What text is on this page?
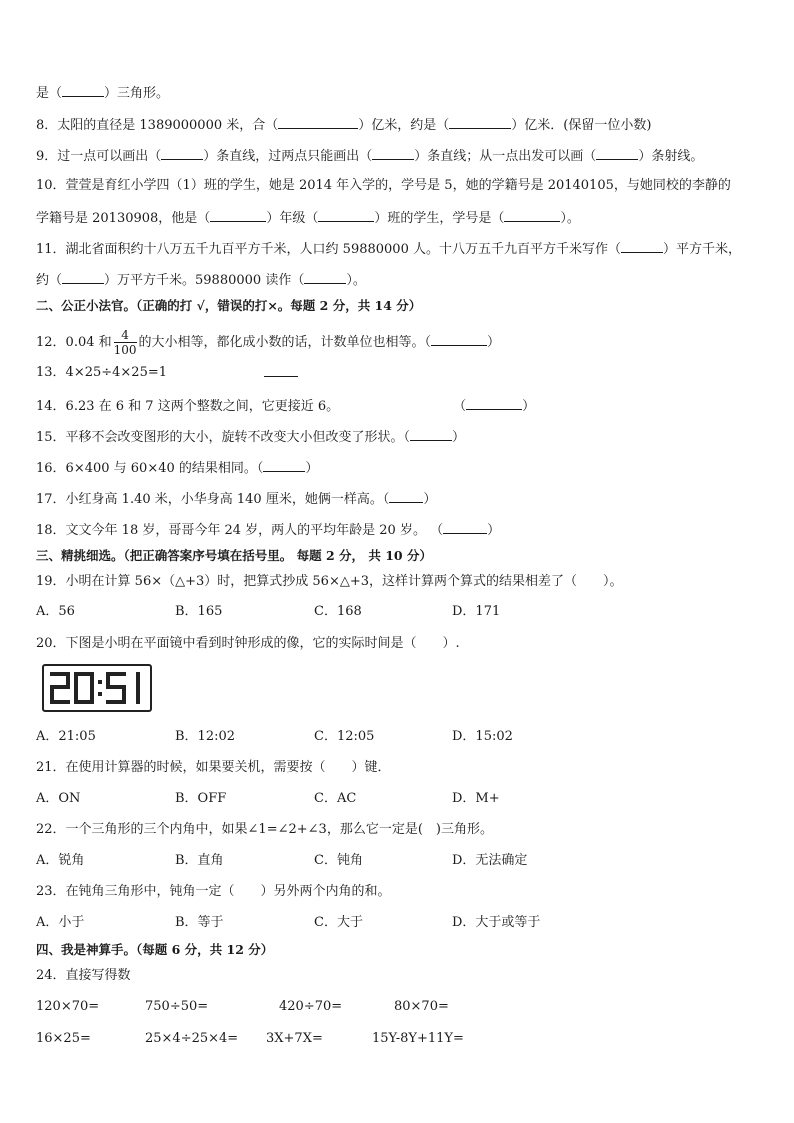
是（	）三角形。
8．太阳的直径是 1389000000 米，合（	）亿米，约是（	）亿米．(保留一位小数)
9．过一点可以画出（	）条直线，过两点只能画出（	）条直线；从一点出发可以画（	）条射线。
10．萱萱是育红小学四（1）班的学生，她是 2014 年入学的，学号是 5，她的学籍号是 20140105，与她同校的李静的
学籍号是 20130908，他是（	）年级（	）班的学生，学号是（	）。
11．湖北省面积约十八万五千九百平方千米，人口约 59880000 人。十八万五千九百平方千米写作（	）平方千米，
约（	）万平方千米。59880000 读作（	）。
二、公正小法官。（正确的打 √，错误的打×。每题 2 分，共 14 分）
12．0.04 和 $\frac{4}{100}$ 的大小相等，都化成小数的话，计数单位也相等。（	）
13．4×25÷4×25=1
14．6.23 在 6 和 7 这两个整数之间，它更接近 6。	（	）
15．平移不会改变图形的大小，旋转不改变大小但改变了形状。（	）
16．6×400 与 60×40 的结果相同。（	）
17．小红身高 1.40 米，小华身高 140 厘米，她俩一样高。（	）
18．文文今年 18 岁，哥哥今年 24 岁，两人的平均年龄是 20 岁。 （	）
三、精挑细选。（把正确答案序号填在括号里。 每题 2 分， 共 10 分）
19．小明在计算 56×（△+3）时，把算式抄成 56×△+3，这样计算两个算式的结果相差了（　　）。
A．56	B．165	C．168	D．171
20．下图是小明在平面镜中看到时钟形成的像，它的实际时间是（　　）.
A．21:05	B．12:02	C．12:05	D．15:02
21．在使用计算器的时候，如果要关机，需要按（　　）键．
A．ON	B．OFF	C．AC	D．M+
22．一个三角形的三个内角中，如果∠1=∠2+∠3，那么它一定是(　)三角形。
A．锐角	B．直角	C．钝角	D．无法确定
23．在钝角三角形中，钝角一定（　　）另外两个内角的和。
A．小于	B．等于	C．大于	D．大于或等于
四、我是神算手。（每题 6 分，共 12 分）
24．直接写得数
120×70=	750÷50=	420÷70=	80×70=
16×25=	25×4÷25×4= 3X+7X=	15Y-8Y+11Y=
